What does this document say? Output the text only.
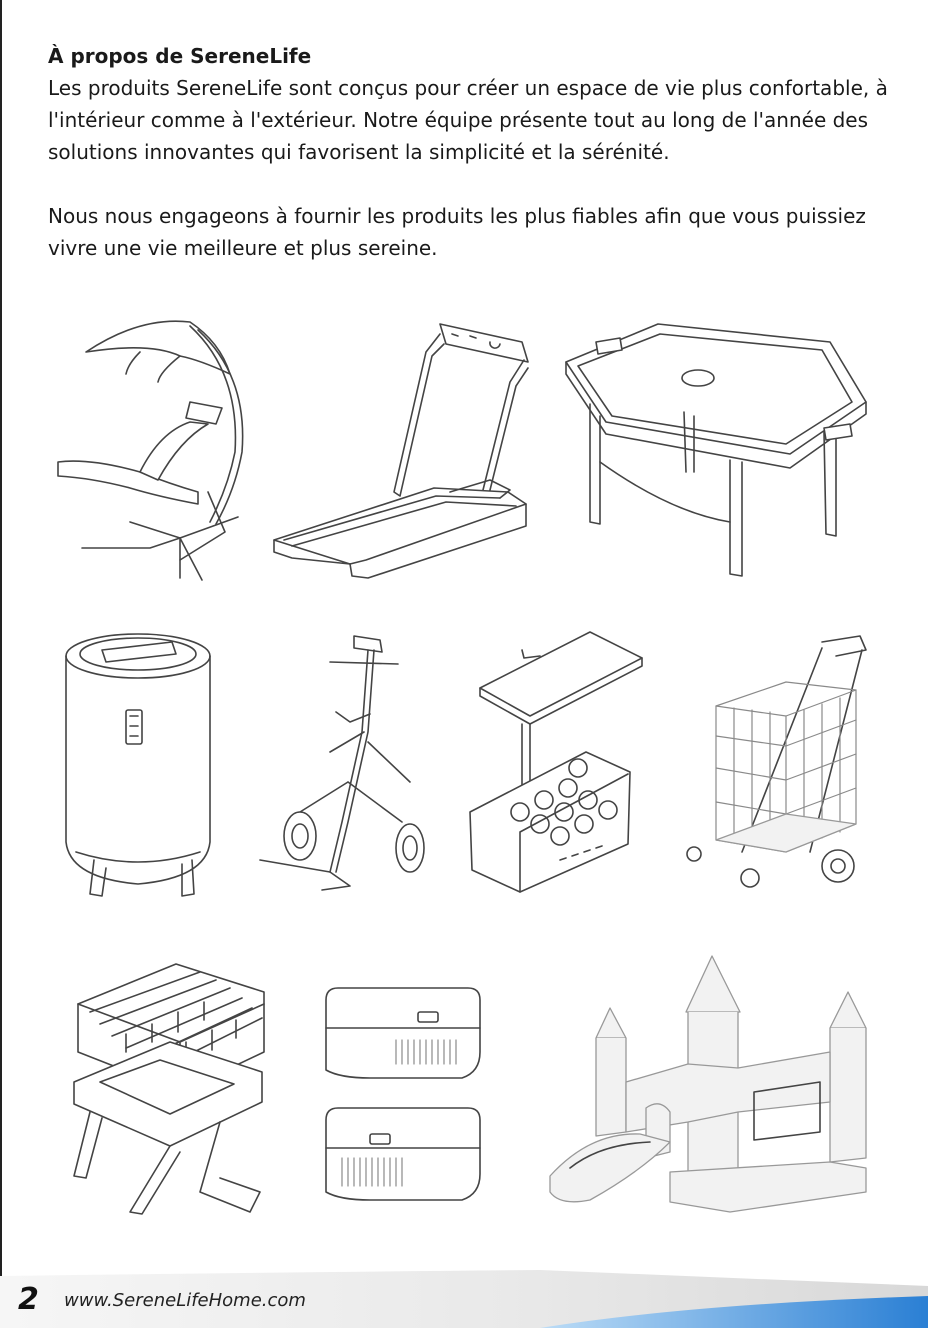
À propos de SereneLife

Les produits SereneLife sont conçus pour créer un espace de vie plus confortable, à l'intérieur comme à l'extérieur. Notre équipe présente tout au long de l'année des solutions innovantes qui favorisent la simplicité et la sérénité.

Nous nous engageons à fournir les produits les plus fiables afin que vous puissiez vivre une vie meilleure et plus sereine.

2 www.SereneLifeHome.com
